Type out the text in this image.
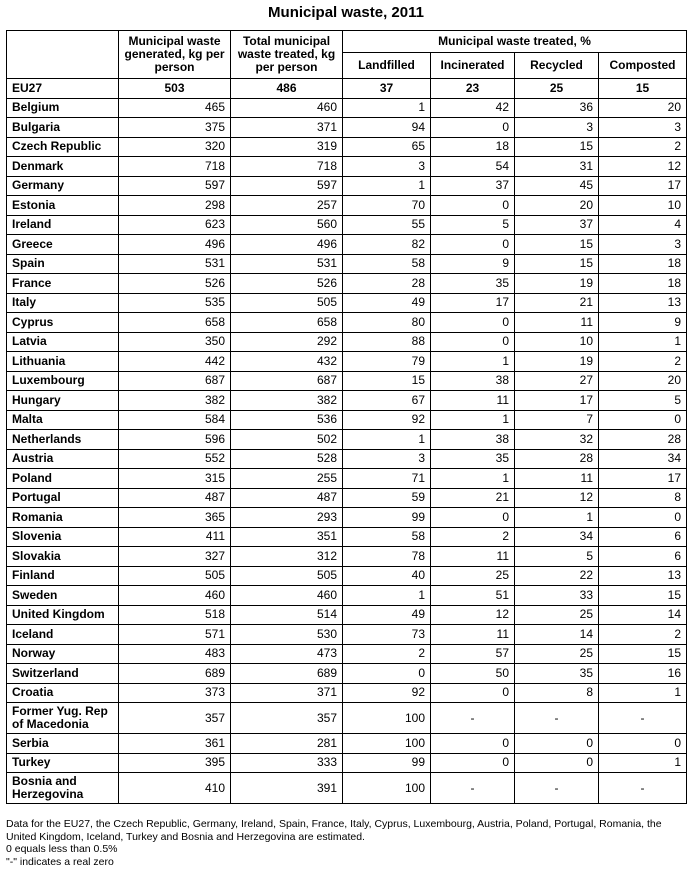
Municipal waste, 2011
	Municipal waste generated, kg per person	Total municipal waste treated, kg per person	Municipal waste treated, %			
			Landfilled	Incinerated	Recycled	Composted
EU27	503	486	37	23	25	15
Belgium	465	460	1	42	36	20
Bulgaria	375	371	94	0	3	3
Czech Republic	320	319	65	18	15	2
Denmark	718	718	3	54	31	12
Germany	597	597	1	37	45	17
Estonia	298	257	70	0	20	10
Ireland	623	560	55	5	37	4
Greece	496	496	82	0	15	3
Spain	531	531	58	9	15	18
France	526	526	28	35	19	18
Italy	535	505	49	17	21	13
Cyprus	658	658	80	0	11	9
Latvia	350	292	88	0	10	1
Lithuania	442	432	79	1	19	2
Luxembourg	687	687	15	38	27	20
Hungary	382	382	67	11	17	5
Malta	584	536	92	1	7	0
Netherlands	596	502	1	38	32	28
Austria	552	528	3	35	28	34
Poland	315	255	71	1	11	17
Portugal	487	487	59	21	12	8
Romania	365	293	99	0	1	0
Slovenia	411	351	58	2	34	6
Slovakia	327	312	78	11	5	6
Finland	505	505	40	25	22	13
Sweden	460	460	1	51	33	15
United Kingdom	518	514	49	12	25	14
Iceland	571	530	73	11	14	2
Norway	483	473	2	57	25	15
Switzerland	689	689	0	50	35	16
Croatia	373	371	92	0	8	1
Former Yug. Rep of Macedonia	357	357	100	-	-	-
Serbia	361	281	100	0	0	0
Turkey	395	333	99	0	0	1
Bosnia and Herzegovina	410	391	100	-	-	-
Data for the EU27, the Czech Republic, Germany, Ireland, Spain, France, Italy, Cyprus, Luxembourg, Austria, Poland, Portugal, Romania, the United Kingdom, Iceland, Turkey and Bosnia and Herzegovina are estimated.
0 equals less than 0.5%
"-" indicates a real zero
